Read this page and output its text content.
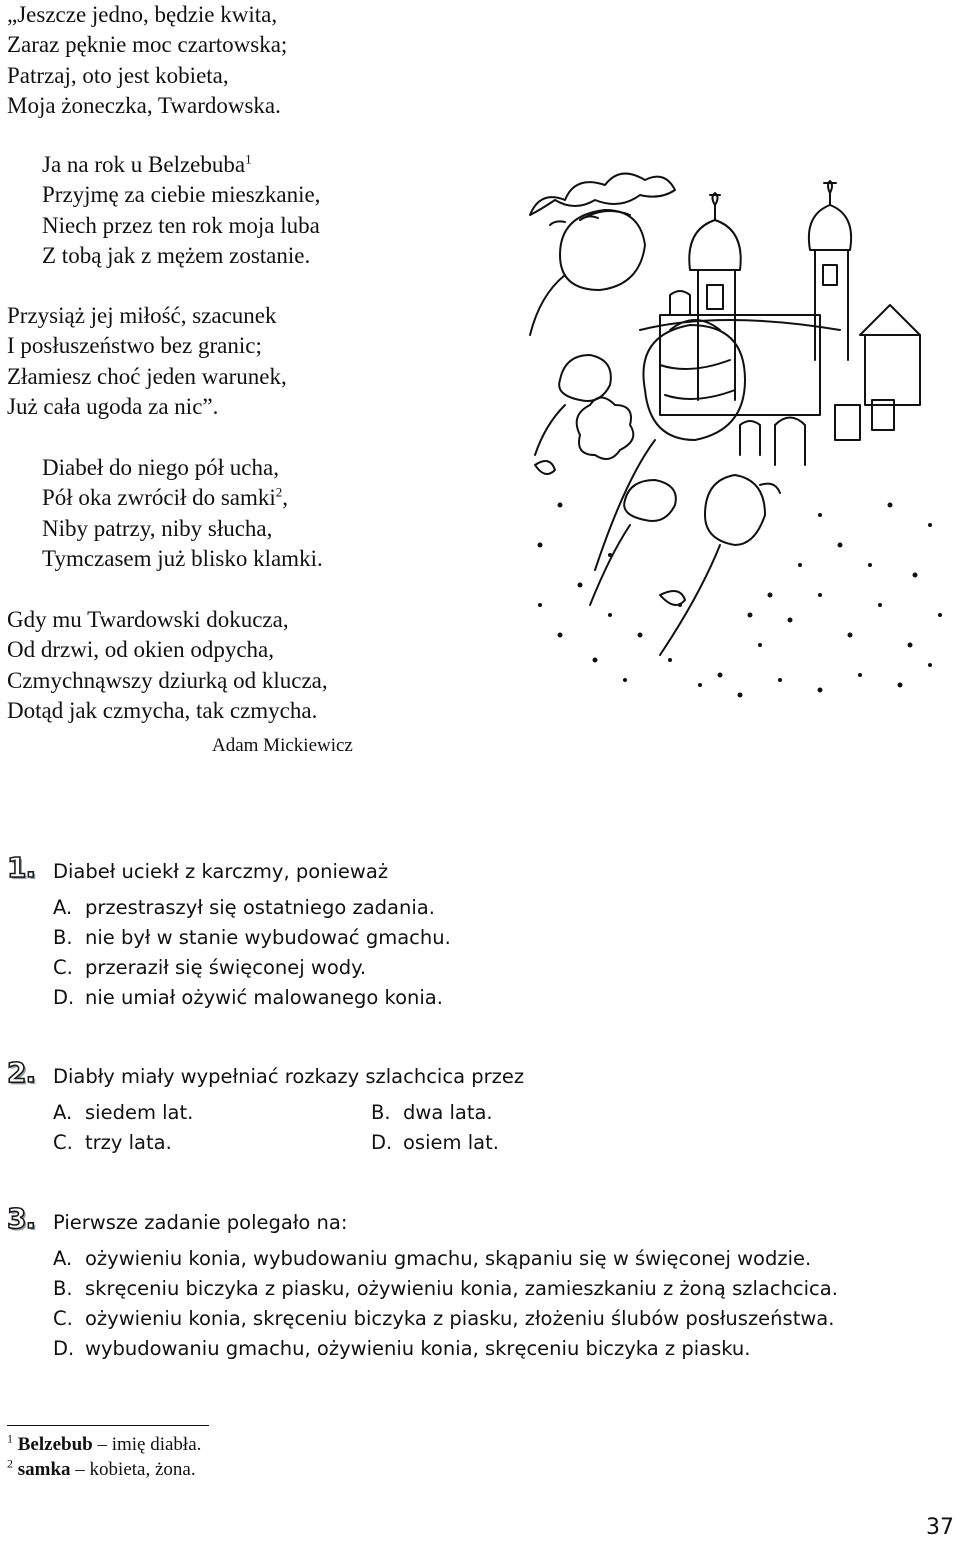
„Jeszcze jedno, będzie kwita,
Zaraz pęknie moc czartowska;
Patrzaj, oto jest kobieta,
Moja żoneczka, Twardowska.
Ja na rok u Belzebuba$^1$
Przyjmę za ciebie mieszkanie,
Niech przez ten rok moja luba
Z tobą jak z mężem zostanie.
Przysiąż jej miłość, szacunek
I posłuszeństwo bez granic;
Złamiesz choć jeden warunek,
Już cała ugoda za nic”.
Diabeł do niego pół ucha,
Pół oka zwrócił do samki$^2$,
Niby patrzy, niby słucha,
Tymczasem już blisko klamki.
Gdy mu Twardowski dokucza,
Od drzwi, od okien odpycha,
Czmychnąwszy dziurką od klucza,
Dotąd jak czmycha, tak czmycha.
Adam Mickiewicz
1. Diabeł uciekł z karczmy, ponieważ
A. przestraszył się ostatniego zadania.
B. nie był w stanie wybudować gmachu.
C. przeraził się święconej wody.
D. nie umiał ożywić malowanego konia.
2. Diabły miały wypełniać rozkazy szlachcica przez
A. siedem lat.	B. dwa lata.
C. trzy lata.	D. osiem lat.
3. Pierwsze zadanie polegało na:
A. ożywieniu konia, wybudowaniu gmachu, skąpaniu się w święconej wodzie.
B. skręceniu biczyka z piasku, ożywieniu konia, zamieszkaniu z żoną szlachcica.
C. ożywieniu konia, skręceniu biczyka z piasku, złożeniu ślubów posłuszeństwa.
D. wybudowaniu gmachu, ożywieniu konia, skręceniu biczyka z piasku.
$^1$ Belzebub – imię diabła.
$^2$ samka – kobieta, żona.
37
